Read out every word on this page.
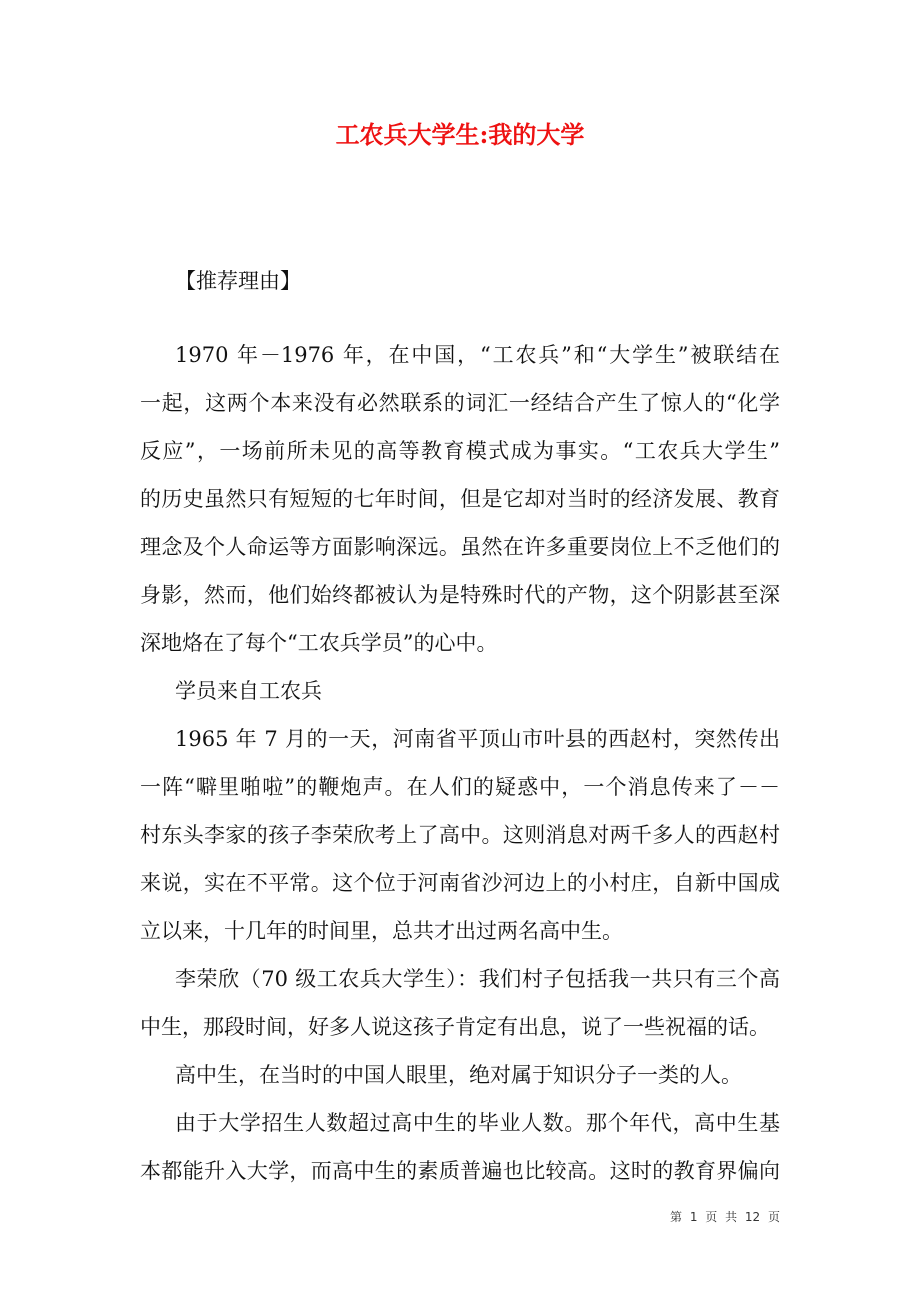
工农兵大学生:我的大学
【推荐理由】
1970 年－1976 年，在中国，“工农兵”和“大学生”被联结在
一起，这两个本来没有必然联系的词汇一经结合产生了惊人的“化学
反应”，一场前所未见的高等教育模式成为事实。“工农兵大学生”
的历史虽然只有短短的七年时间，但是它却对当时的经济发展、教育
理念及个人命运等方面影响深远。虽然在许多重要岗位上不乏他们的
身影，然而，他们始终都被认为是特殊时代的产物，这个阴影甚至深
深地烙在了每个“工农兵学员”的心中。
学员来自工农兵
1965 年 7 月的一天，河南省平顶山市叶县的西赵村，突然传出
一阵“噼里啪啦”的鞭炮声。在人们的疑惑中，一个消息传来了－－
村东头李家的孩子李荣欣考上了高中。这则消息对两千多人的西赵村
来说，实在不平常。这个位于河南省沙河边上的小村庄，自新中国成
立以来，十几年的时间里，总共才出过两名高中生。
李荣欣（70 级工农兵大学生）：我们村子包括我一共只有三个高
中生，那段时间，好多人说这孩子肯定有出息，说了一些祝福的话。
高中生，在当时的中国人眼里，绝对属于知识分子一类的人。
由于大学招生人数超过高中生的毕业人数。那个年代，高中生基
本都能升入大学，而高中生的素质普遍也比较高。这时的教育界偏向
第 1 页 共 12 页
